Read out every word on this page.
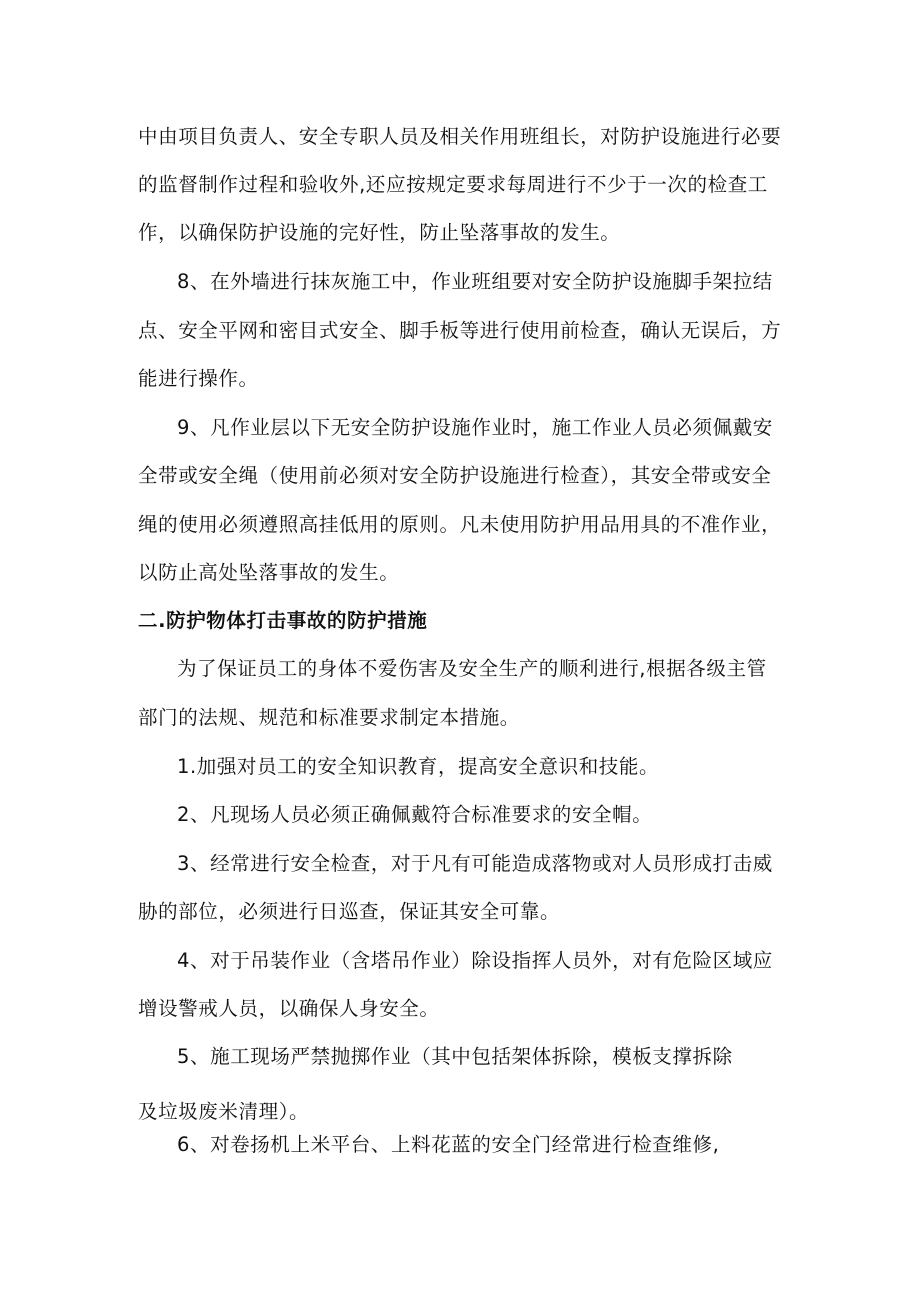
中由项目负责人、安全专职人员及相关作用班组长，对防护设施进行必要
的监督制作过程和验收外,还应按规定要求每周进行不少于一次的检查工
作，以确保防护设施的完好性，防止坠落事故的发生。
8、在外墙进行抹灰施工中，作业班组要对安全防护设施脚手架拉结
点、安全平网和密目式安全、脚手板等进行使用前检查，确认无误后，方
能进行操作。
9、凡作业层以下无安全防护设施作业时，施工作业人员必须佩戴安
全带或安全绳（使用前必须对安全防护设施进行检查），其安全带或安全
绳的使用必须遵照高挂低用的原则。凡未使用防护用品用具的不准作业，
以防止高处坠落事故的发生。
二.防护物体打击事故的防护措施
为了保证员工的身体不爱伤害及安全生产的顺利进行,根据各级主管
部门的法规、规范和标准要求制定本措施。
1.加强对员工的安全知识教育，提高安全意识和技能。
2、凡现场人员必须正确佩戴符合标准要求的安全帽。
3、经常进行安全检查，对于凡有可能造成落物或对人员形成打击威
胁的部位，必须进行日巡查，保证其安全可靠。
4、对于吊装作业（含塔吊作业）除设指挥人员外，对有危险区域应
增设警戒人员，以确保人身安全。
5、施工现场严禁抛掷作业（其中包括架体拆除，模板支撑拆除
及垃圾废米清理）。
6、对卷扬机上米平台、上料花蓝的安全门经常进行检查维修,
